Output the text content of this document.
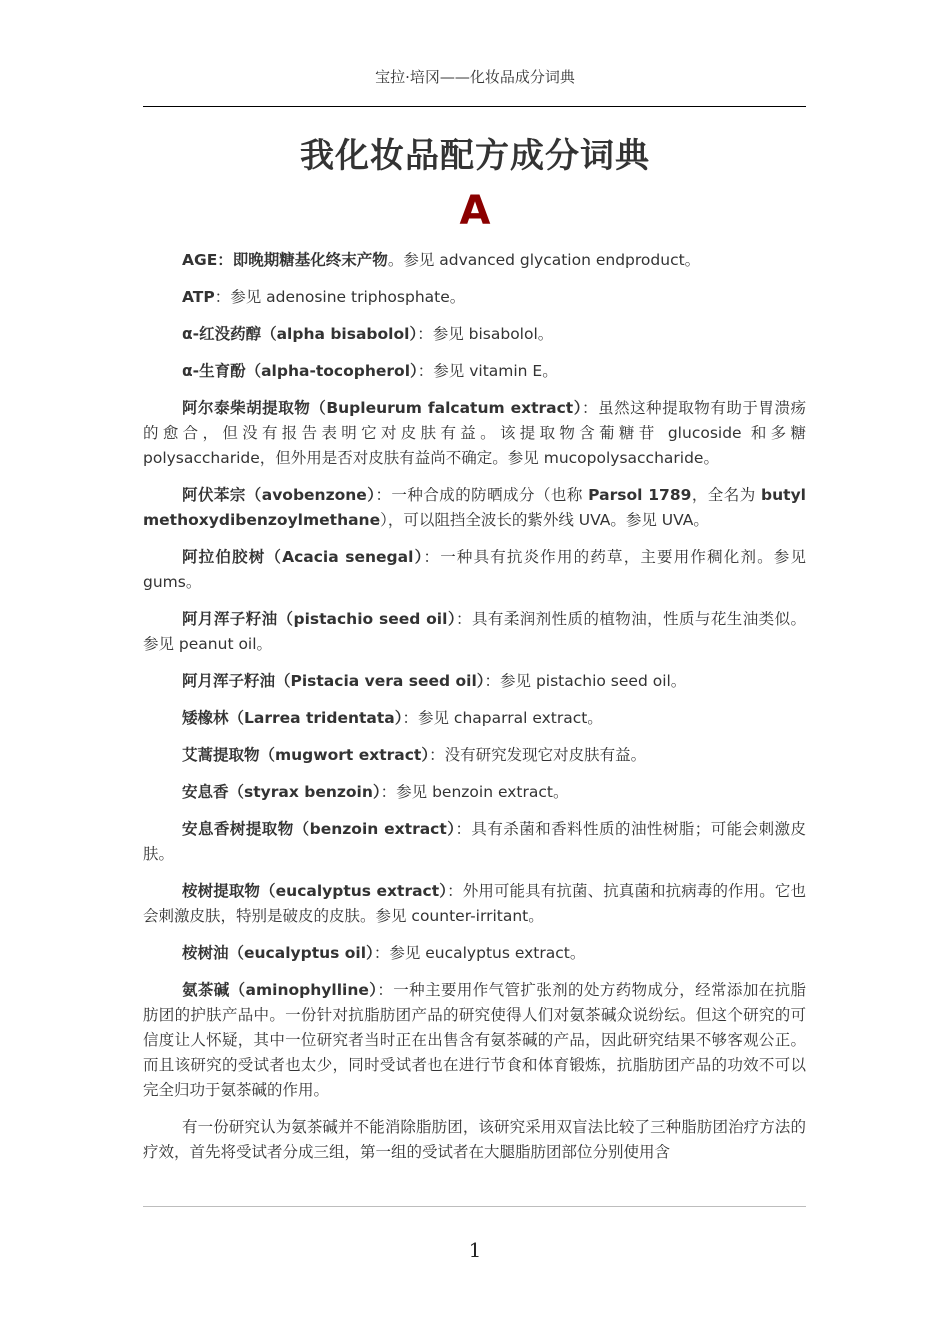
宝拉·培冈——化妆品成分词典
我化妆品配方成分词典
A

AGE：即晚期糖基化终末产物。参见 advanced glycation endproduct。

ATP：参见 adenosine triphosphate。

α-红没药醇（alpha bisabolol）：参见 bisabolol。

α-生育酚（alpha-tocopherol）：参见 vitamin E。

阿尔泰柴胡提取物（Bupleurum falcatum extract）：虽然这种提取物有助于胃溃疡的愈合，但没有报告表明它对皮肤有益。该提取物含葡糖苷 glucoside 和多糖 polysaccharide，但外用是否对皮肤有益尚不确定。参见 mucopolysaccharide。

阿伏苯宗（avobenzone）：一种合成的防晒成分（也称 Parsol 1789，全名为 butyl methoxydibenzoylmethane），可以阻挡全波长的紫外线 UVA。参见 UVA。

阿拉伯胶树（Acacia senegal）：一种具有抗炎作用的药草，主要用作稠化剂。参见 gums。

阿月浑子籽油（pistachio seed oil）：具有柔润剂性质的植物油，性质与花生油类似。参见 peanut oil。

阿月浑子籽油（Pistacia vera seed oil）：参见 pistachio seed oil。

矮橡林（Larrea tridentata）：参见 chaparral extract。

艾蒿提取物（mugwort extract）：没有研究发现它对皮肤有益。

安息香（styrax benzoin）：参见 benzoin extract。

安息香树提取物（benzoin extract）：具有杀菌和香料性质的油性树脂；可能会刺激皮肤。

桉树提取物（eucalyptus extract）：外用可能具有抗菌、抗真菌和抗病毒的作用。它也会刺激皮肤，特别是破皮的皮肤。参见 counter-irritant。

桉树油（eucalyptus oil）：参见 eucalyptus extract。

氨茶碱（aminophylline）：一种主要用作气管扩张剂的处方药物成分，经常添加在抗脂肪团的护肤产品中。一份针对抗脂肪团产品的研究使得人们对氨茶碱众说纷纭。但这个研究的可信度让人怀疑，其中一位研究者当时正在出售含有氨茶碱的产品，因此研究结果不够客观公正。而且该研究的受试者也太少，同时受试者也在进行节食和体育锻炼，抗脂肪团产品的功效不可以完全归功于氨茶碱的作用。

有一份研究认为氨茶碱并不能消除脂肪团，该研究采用双盲法比较了三种脂肪团治疗方法的疗效，首先将受试者分成三组，第一组的受试者在大腿脂肪团部位分别使用含

1
